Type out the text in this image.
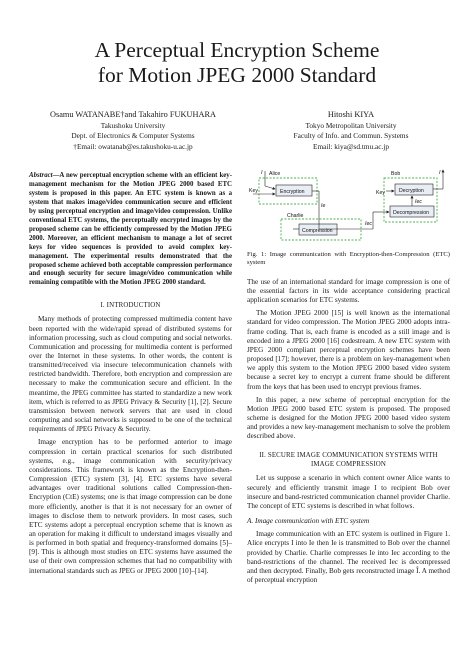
A Perceptual Encryption Scheme
for Motion JPEG 2000 Standard

Osamu WATANABE†and Takahiro FUKUHARA

Takushoku University

Dept. of Electronics & Computer Systems

†Email: owatanab@es.takushoku-u.ac.jp

Hitoshi KIYA

Tokyo Metropolitan University

Faculty of Info. and Commun. Systems

Email: kiya@sd.tmu.ac.jp

Abstract—A new perceptual encryption scheme with an efficient key-management mechanism for the Motion JPEG 2000 based ETC system is proposed in this paper. An ETC system is known as a system that makes image/video communication secure and efficient by using perceptual encryption and image/video compression. Unlike conventional ETC systems, the perceptually encrypted images by the proposed scheme can be efficiently compressed by the Motion JPEG 2000. Moreover, an efficient mechanism to manage a lot of secret keys for video sequences is provided to avoid complex key-management. The experimental results demonstrated that the proposed scheme achieved both acceptable compression performance and enough security for secure image/video communication while remaining compatible with the Motion JPEG 2000 standard.

I. INTRODUCTION

Many methods of protecting compressed multimedia content have been reported with the wide/rapid spread of distributed systems for information processing, such as cloud computing and social networks. Communication and processing for multimedia content is performed over the Internet in these systems. In other words, the content is transmitted/received via insecure telecommunication channels with restricted bandwidth. Therefore, both encryption and compression are necessary to make the communication secure and efficient. In the meantime, the JPEG committee has started to standardize a new work item, which is referred to as JPEG Privacy & Security [1], [2]. Secure transmission between network servers that are used in cloud computing and social networks is supposed to be one of the technical requirements of JPEG Privacy & Security.

Image encryption has to be performed anterior to image compression in certain practical scenarios for such distributed systems, e.g., image communication with security/privacy considerations. This framework is known as the Encryption-then-Compression (ETC) system [3], [4]. ETC systems have several advantages over traditional solutions called Compression-then-Encryption (CtE) systems; one is that image compression can be done more efficiently, another is that it is not necessary for an owner of images to disclose them to network providers. In most cases, such ETC systems adopt a perceptual encryption scheme that is known as an operation for making it difficult to understand images visually and is performed in both spatial and frequency-transformed domains [5]–[9]. This is although most studies on ETC systems have assumed the use of their own compression schemes that had no compatibility with international standards such as JPEG or JPEG 2000 [10]–[14].

Alice
Key
I
Encryption
Ie
Charlie
Compression
Iec
Bob
Key	Decryption
Decompression
Iec
I

Fig. 1: Image communication with Encryption-then-Compression (ETC) system

The use of an international standard for image compression is one of the essential factors in its wide acceptance considering practical application scenarios for ETC systems.

The Motion JPEG 2000 [15] is well known as the international standard for video compression. The Motion JPEG 2000 adopts intra-frame coding. That is, each frame is encoded as a still image and is encoded into a JPEG 2000 [16] codestream. A new ETC system with JPEG 2000 compliant perceptual encryption schemes have been proposed [17]; however, there is a problem on key-management when we apply this system to the Motion JPEG 2000 based video system because a secret key to encrypt a current frame should be different from the keys that has been used to encrypt previous frames.

In this paper, a new scheme of perceptual encryption for the Motion JPEG 2000 based ETC system is proposed. The proposed scheme is designed for the Motion JPEG 2000 based video system and provides a new key-management mechanism to solve the problem described above.

II. SECURE IMAGE COMMUNICATION SYSTEMS WITH

IMAGE COMPRESSION

Let us suppose a scenario in which content owner Alice wants to securely and efficiently transmit image I to recipient Bob over insecure and band-restricted communication channel provider Charlie. The concept of ETC systems is described in what follows.

A. Image communication with ETC system

Image communication with an ETC system is outlined in Figure 1. Alice encrypts I into Ie then Ie is transmitted to Bob over the channel provided by Charlie. Charlie compresses Ie into Iec according to the band-restrictions of the channel. The received Iec is decompressed and then decrypted. Finally, Bob gets reconstructed image Î. A method of perceptual encryption
